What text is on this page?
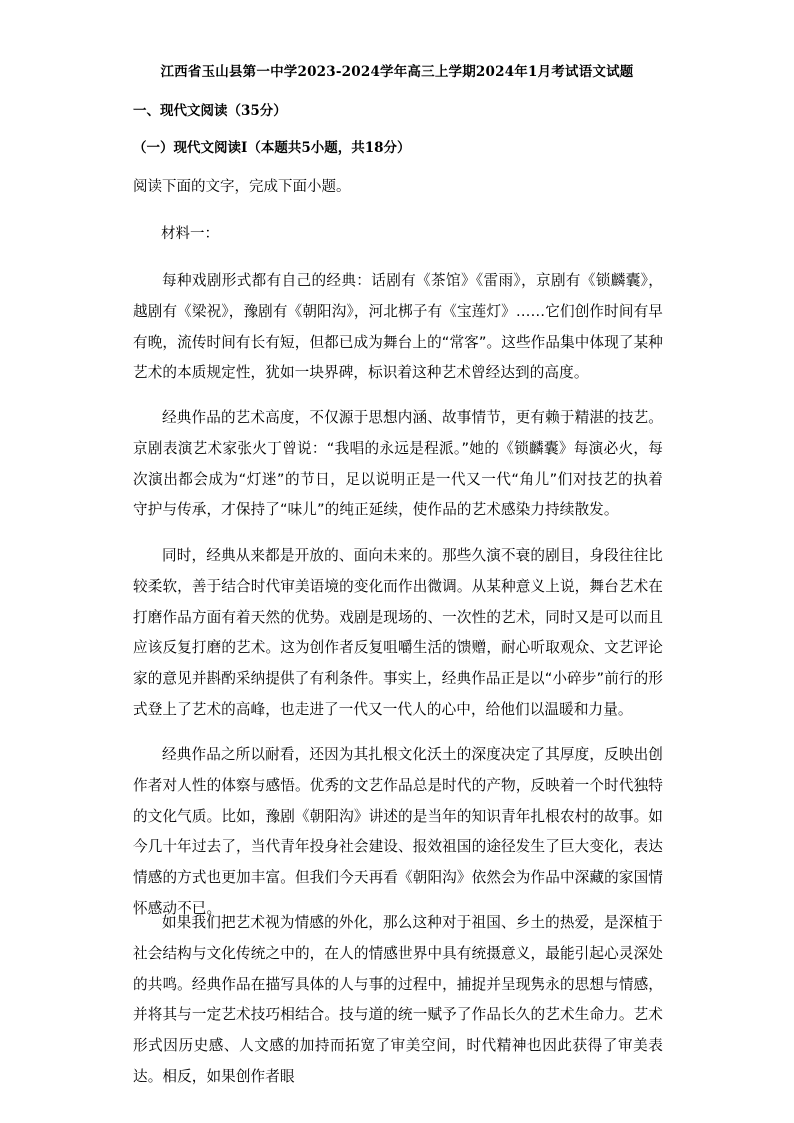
江西省玉山县第一中学2023-2024学年高三上学期2024年1月考试语文试题
一、现代文阅读（35分）
（一）现代文阅读Ⅰ（本题共5小题，共18分）
阅读下面的文字，完成下面小题。
材料一：

每种戏剧形式都有自己的经典：话剧有《茶馆》《雷雨》，京剧有《锁麟囊》，越剧有《梁祝》，豫剧有《朝阳沟》，河北梆子有《宝莲灯》……它们创作时间有早有晚，流传时间有长有短，但都已成为舞台上的“常客”。这些作品集中体现了某种艺术的本质规定性，犹如一块界碑，标识着这种艺术曾经达到的高度。

经典作品的艺术高度，不仅源于思想内涵、故事情节，更有赖于精湛的技艺。京剧表演艺术家张火丁曾说：“我唱的永远是程派。”她的《锁麟囊》每演必火，每次演出都会成为“灯迷”的节日，足以说明正是一代又一代“角儿”们对技艺的执着守护与传承，才保持了“味儿”的纯正延续，使作品的艺术感染力持续散发。

同时，经典从来都是开放的、面向未来的。那些久演不衰的剧目，身段往往比较柔软，善于结合时代审美语境的变化而作出微调。从某种意义上说，舞台艺术在打磨作品方面有着天然的优势。戏剧是现场的、一次性的艺术，同时又是可以而且应该反复打磨的艺术。这为创作者反复咀嚼生活的馈赠，耐心听取观众、文艺评论家的意见并斟酌采纳提供了有利条件。事实上，经典作品正是以“小碎步”前行的形式登上了艺术的高峰，也走进了一代又一代人的心中，给他们以温暖和力量。

经典作品之所以耐看，还因为其扎根文化沃土的深度决定了其厚度，反映出创作者对人性的体察与感悟。优秀的文艺作品总是时代的产物，反映着一个时代独特的文化气质。比如，豫剧《朝阳沟》讲述的是当年的知识青年扎根农村的故事。如今几十年过去了，当代青年投身社会建设、报效祖国的途径发生了巨大变化，表达情感的方式也更加丰富。但我们今天再看《朝阳沟》依然会为作品中深藏的家国情怀感动不已。

如果我们把艺术视为情感的外化，那么这种对于祖国、乡土的热爱，是深植于社会结构与文化传统之中的，在人的情感世界中具有统摄意义，最能引起心灵深处的共鸣。经典作品在描写具体的人与事的过程中，捕捉并呈现隽永的思想与情感，并将其与一定艺术技巧相结合。技与道的统一赋予了作品长久的艺术生命力。艺术形式因历史感、人文感的加持而拓宽了审美空间，时代精神也因此获得了审美表达。相反，如果创作者眼
